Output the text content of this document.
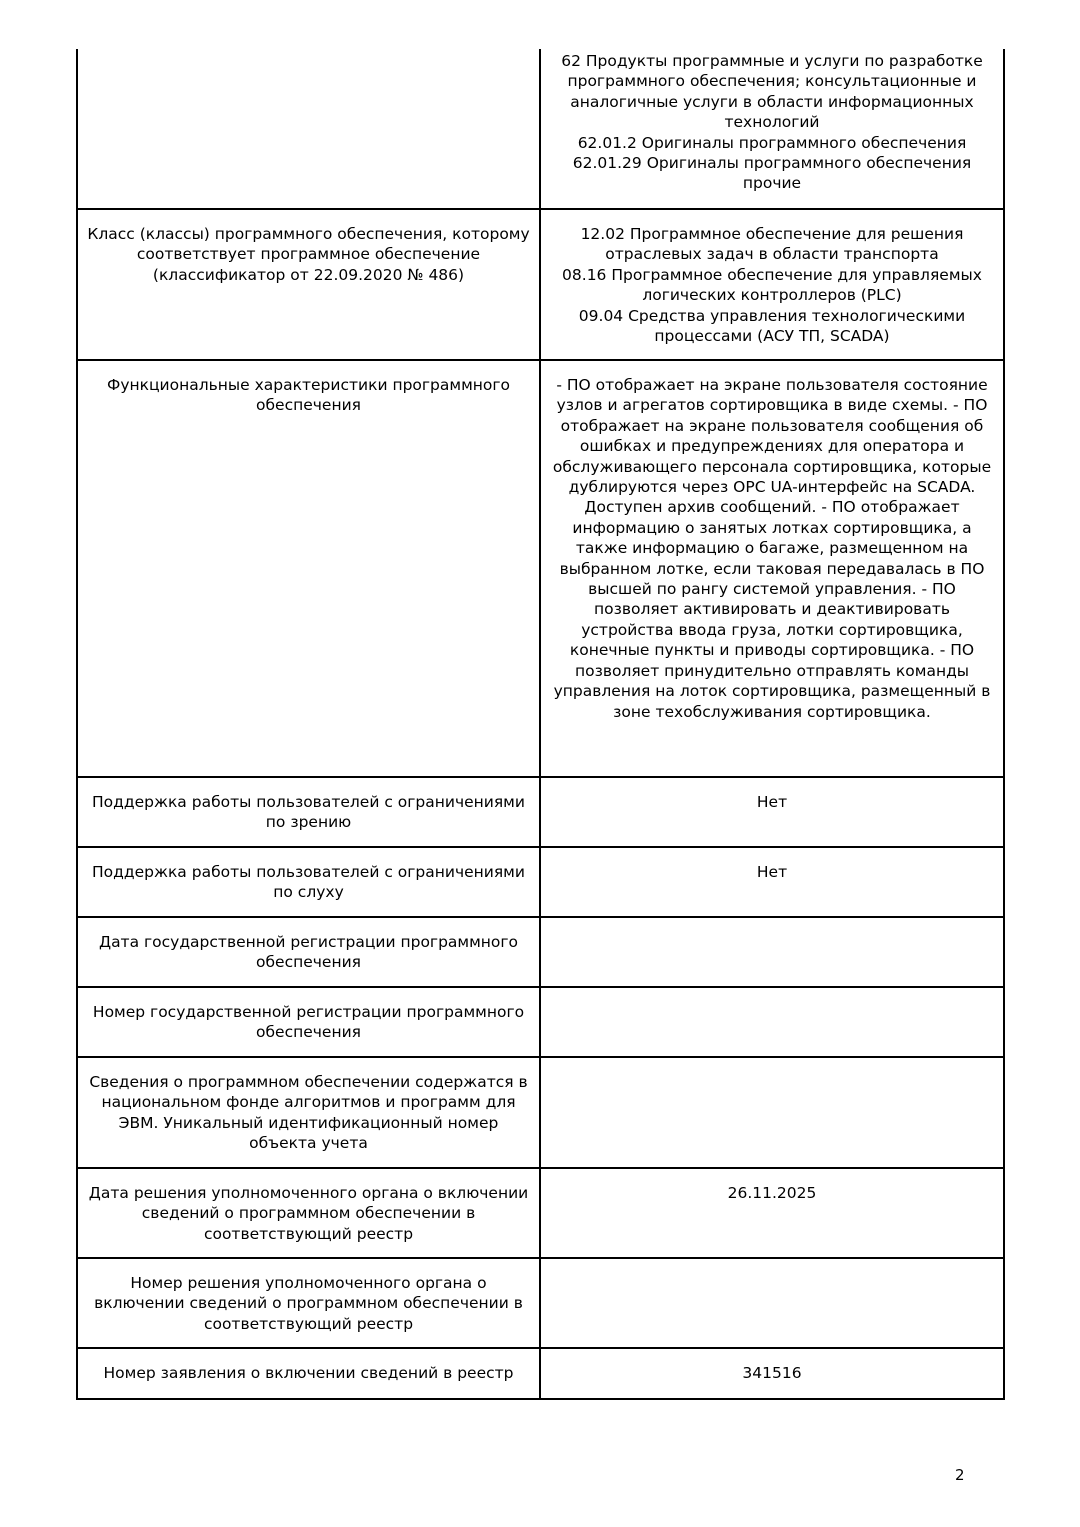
	62 Продукты программные и услуги по разработке программного обеспечения; консультационные и аналогичные услуги в области информационных технологий
62.01.2 Оригиналы программного обеспечения
62.01.29 Оригиналы программного обеспечения прочие
Класс (классы) программного обеспечения, которому соответствует программное обеспечение
(классификатор от 22.09.2020 № 486)	12.02 Программное обеспечение для решения отраслевых задач в области транспорта
08.16 Программное обеспечение для управляемых логических контроллеров (PLC)
09.04 Средства управления технологическими процессами (АСУ ТП, SCADA)
Функциональные характеристики программного обеспечения	- ПО отображает на экране пользователя состояние узлов и агрегатов сортировщика в виде схемы. - ПО отображает на экране пользователя сообщения об ошибках и предупреждениях для оператора и обслуживающего персонала сортировщика, которые дублируются через OPC UA-интерфейс на SCADA. Доступен архив сообщений. - ПО отображает информацию о занятых лотках сортировщика, а также информацию о багаже, размещенном на выбранном лотке, если таковая передавалась в ПО высшей по рангу системой управления. - ПО позволяет активировать и деактивировать устройства ввода груза, лотки сортировщика, конечные пункты и приводы сортировщика. - ПО позволяет принудительно отправлять команды управления на лоток сортировщика, размещенный в зоне техобслуживания сортировщика.
Поддержка работы пользователей с ограничениями по зрению	Нет
Поддержка работы пользователей с ограничениями по слуху	Нет
Дата государственной регистрации программного обеспечения	
Номер государственной регистрации программного обеспечения	
Сведения о программном обеспечении содержатся в национальном фонде алгоритмов и программ для ЭВМ. Уникальный идентификационный номер объекта учета	
Дата решения уполномоченного органа о включении сведений о программном обеспечении в соответствующий реестр	26.11.2025
Номер решения уполномоченного органа о включении сведений о программном обеспечении в соответствующий реестр	
Номер заявления о включении сведений в реестр	341516
2
